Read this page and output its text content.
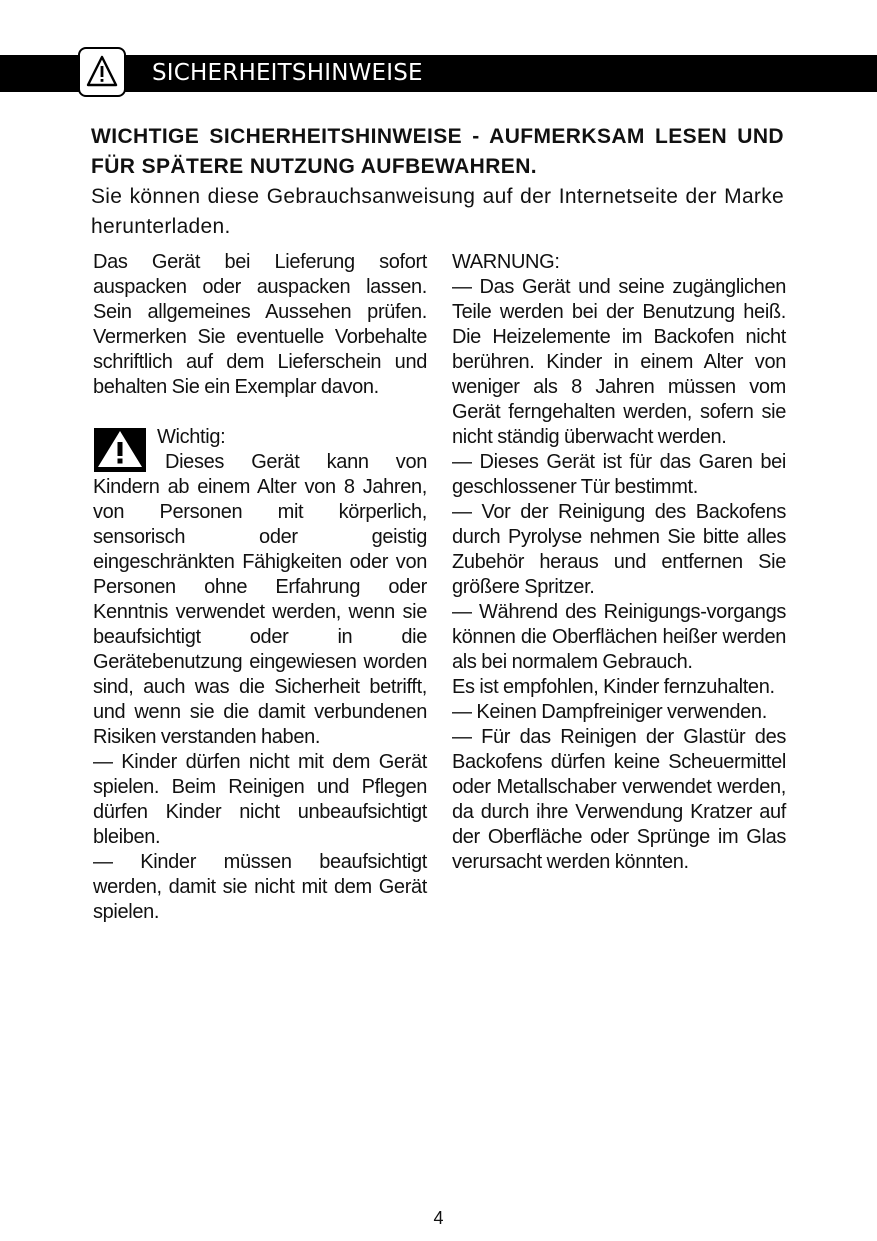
SICHERHEITSHINWEISE
WICHTIGE SICHERHEITSHINWEISE - AUFMERKSAM LESEN UND FÜR SPÄTERE NUTZUNG AUFBEWAHREN.
Sie können diese Gebrauchsanweisung auf der Internetseite der Marke herunterladen.

Das Gerät bei Lieferung sofort auspacken oder auspacken lassen. Sein allgemeines Aussehen prüfen. Vermerken Sie eventuelle Vorbehalte schriftlich auf dem Lieferschein und behalten Sie ein Exemplar davon.

Wichtig:

Dieses Gerät kann von Kindern ab einem Alter von 8 Jahren, von Personen mit körperlich, sensorisch oder geistig eingeschränkten Fähigkeiten oder von Personen ohne Erfahrung oder Kenntnis verwendet werden, wenn sie beaufsichtigt oder in die Gerätebenutzung eingewiesen worden sind, auch was die Sicherheit betrifft, und wenn sie die damit verbundenen Risiken verstanden haben.

— Kinder dürfen nicht mit dem Gerät spielen. Beim Reinigen und Pflegen dürfen Kinder nicht unbeaufsichtigt bleiben.

— Kinder müssen beaufsichtigt werden, damit sie nicht mit dem Gerät spielen.

WARNUNG:

— Das Gerät und seine zugänglichen Teile werden bei der Benutzung heiß. Die Heizelemente im Backofen nicht berühren. Kinder in einem Alter von weniger als 8 Jahren müssen vom Gerät ferngehalten werden, sofern sie nicht ständig überwacht werden.

— Dieses Gerät ist für das Garen bei geschlossener Tür bestimmt.

— Vor der Reinigung des Backofens durch Pyrolyse nehmen Sie bitte alles Zubehör heraus und entfernen Sie größere Spritzer.

— Während des Reinigungs-vorgangs können die Oberflächen heißer werden als bei normalem Gebrauch.

Es ist empfohlen, Kinder fernzuhalten.

— Keinen Dampfreiniger verwenden.

— Für das Reinigen der Glastür des Backofens dürfen keine Scheuermittel oder Metallschaber verwendet werden, da durch ihre Verwendung Kratzer auf der Oberfläche oder Sprünge im Glas verursacht werden könnten.

4
